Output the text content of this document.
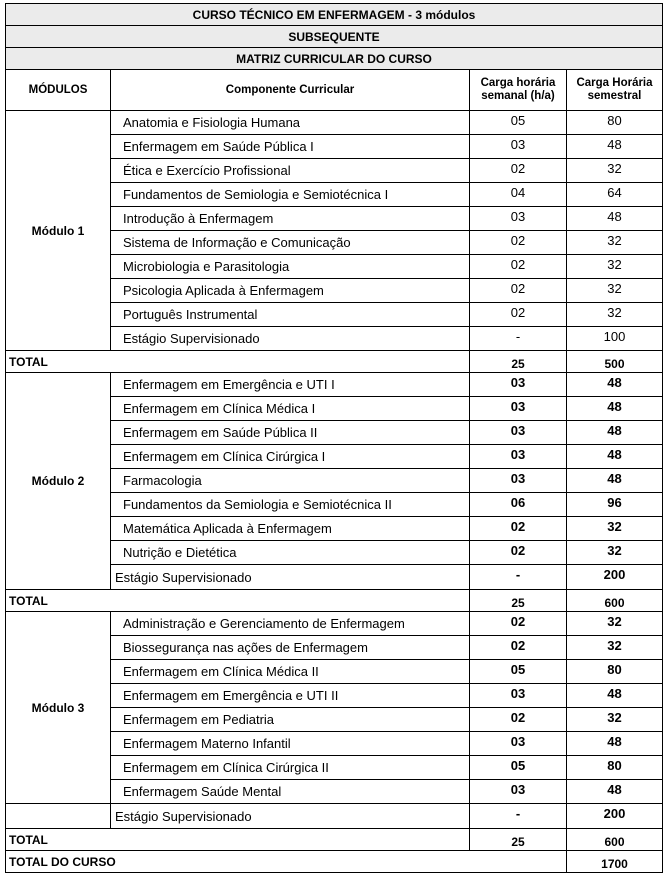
CURSO TÉCNICO EM ENFERMAGEM - 3 módulos			
SUBSEQUENTE			
MATRIZ CURRICULAR DO CURSO			
MÓDULOS	Componente Curricular	Carga horária semanal (h/a)	Carga Horária semestral
Módulo 1	Anatomia e Fisiologia Humana	05	80
	Enfermagem em Saúde Pública I	03	48
	Ética e Exercício Profissional	02	32
	Fundamentos de Semiologia e Semiotécnica I	04	64
	Introdução à Enfermagem	03	48
	Sistema de Informação e Comunicação	02	32
	Microbiologia e Parasitologia	02	32
	Psicologia Aplicada à Enfermagem	02	32
	Português Instrumental	02	32
	Estágio Supervisionado	-	100
TOTAL		25	500
Módulo 2	Enfermagem em Emergência e UTI I	03	48
	Enfermagem em Clínica Médica I	03	48
	Enfermagem em Saúde Pública II	03	48
	Enfermagem em Clínica Cirúrgica I	03	48
	Farmacologia	03	48
	Fundamentos da Semiologia e Semiotécnica II	06	96
	Matemática Aplicada à Enfermagem	02	32
	Nutrição e Dietética	02	32
	Estágio Supervisionado	-	200
TOTAL		25	600
Módulo 3	Administração e Gerenciamento de Enfermagem	02	32
	Biossegurança nas ações de Enfermagem	02	32
	Enfermagem em Clínica Médica II	05	80
	Enfermagem em Emergência e UTI II	03	48
	Enfermagem em Pediatria	02	32
	Enfermagem Materno Infantil	03	48
	Enfermagem em Clínica Cirúrgica II	05	80
	Enfermagem Saúde Mental	03	48
	Estágio Supervisionado	-	200
TOTAL		25	600
TOTAL DO CURSO			1700
